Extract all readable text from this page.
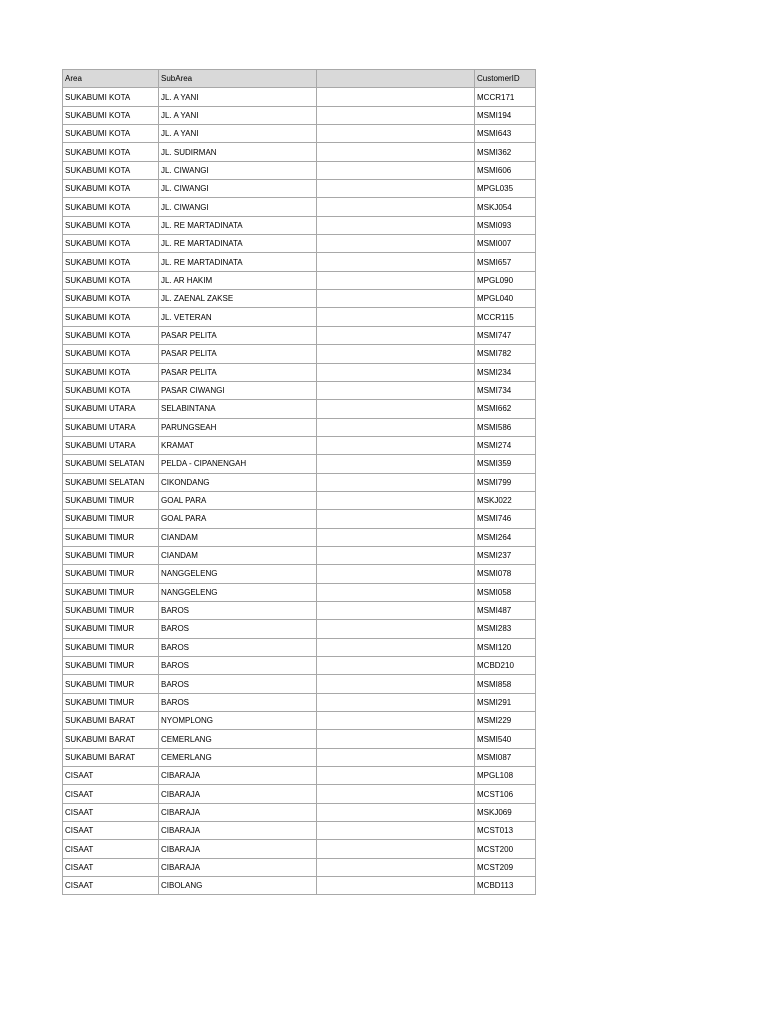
Area	SubArea		CustomerID
SUKABUMI KOTA	JL. A YANI		MCCR171
SUKABUMI KOTA	JL. A YANI		MSMI194
SUKABUMI KOTA	JL. A YANI		MSMI643
SUKABUMI KOTA	JL. SUDIRMAN		MSMI362
SUKABUMI KOTA	JL. CIWANGI		MSMI606
SUKABUMI KOTA	JL. CIWANGI		MPGL035
SUKABUMI KOTA	JL. CIWANGI		MSKJ054
SUKABUMI KOTA	JL. RE MARTADINATA		MSMI093
SUKABUMI KOTA	JL. RE MARTADINATA		MSMI007
SUKABUMI KOTA	JL. RE MARTADINATA		MSMI657
SUKABUMI KOTA	JL. AR HAKIM		MPGL090
SUKABUMI KOTA	JL. ZAENAL ZAKSE		MPGL040
SUKABUMI KOTA	JL. VETERAN		MCCR115
SUKABUMI KOTA	PASAR PELITA		MSMI747
SUKABUMI KOTA	PASAR PELITA		MSMI782
SUKABUMI KOTA	PASAR PELITA		MSMI234
SUKABUMI KOTA	PASAR CIWANGI		MSMI734
SUKABUMI UTARA	SELABINTANA		MSMI662
SUKABUMI UTARA	PARUNGSEAH		MSMI586
SUKABUMI UTARA	KRAMAT		MSMI274
SUKABUMI SELATAN	PELDA - CIPANENGAH		MSMI359
SUKABUMI SELATAN	CIKONDANG		MSMI799
SUKABUMI TIMUR	GOAL PARA		MSKJ022
SUKABUMI TIMUR	GOAL PARA		MSMI746
SUKABUMI TIMUR	CIANDAM		MSMI264
SUKABUMI TIMUR	CIANDAM		MSMI237
SUKABUMI TIMUR	NANGGELENG		MSMI078
SUKABUMI TIMUR	NANGGELENG		MSMI058
SUKABUMI TIMUR	BAROS		MSMI487
SUKABUMI TIMUR	BAROS		MSMI283
SUKABUMI TIMUR	BAROS		MSMI120
SUKABUMI TIMUR	BAROS		MCBD210
SUKABUMI TIMUR	BAROS		MSMI858
SUKABUMI TIMUR	BAROS		MSMI291
SUKABUMI BARAT	NYOMPLONG		MSMI229
SUKABUMI BARAT	CEMERLANG		MSMI540
SUKABUMI BARAT	CEMERLANG		MSMI087
CISAAT	CIBARAJA		MPGL108
CISAAT	CIBARAJA		MCST106
CISAAT	CIBARAJA		MSKJ069
CISAAT	CIBARAJA		MCST013
CISAAT	CIBARAJA		MCST200
CISAAT	CIBARAJA		MCST209
CISAAT	CIBOLANG		MCBD113
